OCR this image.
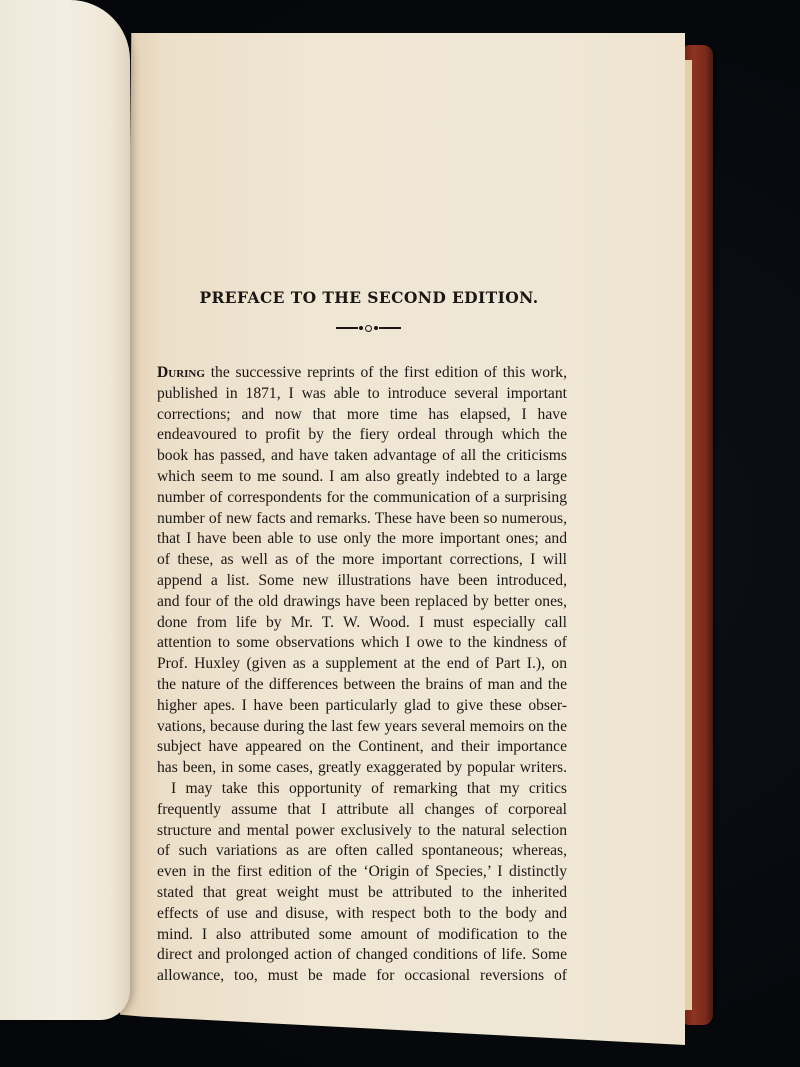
PREFACE TO THE SECOND EDITION.
During the successive reprints of the first edition of this work,
published in 1871, I was able to introduce several important
corrections; and now that more time has elapsed, I have
endeavoured to profit by the fiery ordeal through which the
book has passed, and have taken advantage of all the criticisms
which seem to me sound. I am also greatly indebted to a large
number of correspondents for the communication of a surprising
number of new facts and remarks. These have been so numerous,
that I have been able to use only the more important ones; and
of these, as well as of the more important corrections, I will
append a list. Some new illustrations have been introduced,
and four of the old drawings have been replaced by better ones,
done from life by Mr. T. W. Wood. I must especially call
attention to some observations which I owe to the kindness of
Prof. Huxley (given as a supplement at the end of Part I.), on
the nature of the differences between the brains of man and the
higher apes. I have been particularly glad to give these obser-
vations, because during the last few years several memoirs on the
subject have appeared on the Continent, and their importance
has been, in some cases, greatly exaggerated by popular writers.
I may take this opportunity of remarking that my critics
frequently assume that I attribute all changes of corporeal
structure and mental power exclusively to the natural selection
of such variations as are often called spontaneous; whereas,
even in the first edition of the ‘Origin of Species,’ I distinctly
stated that great weight must be attributed to the inherited
effects of use and disuse, with respect both to the body and
mind. I also attributed some amount of modification to the
direct and prolonged action of changed conditions of life. Some
allowance, too, must be made for occasional reversions of
